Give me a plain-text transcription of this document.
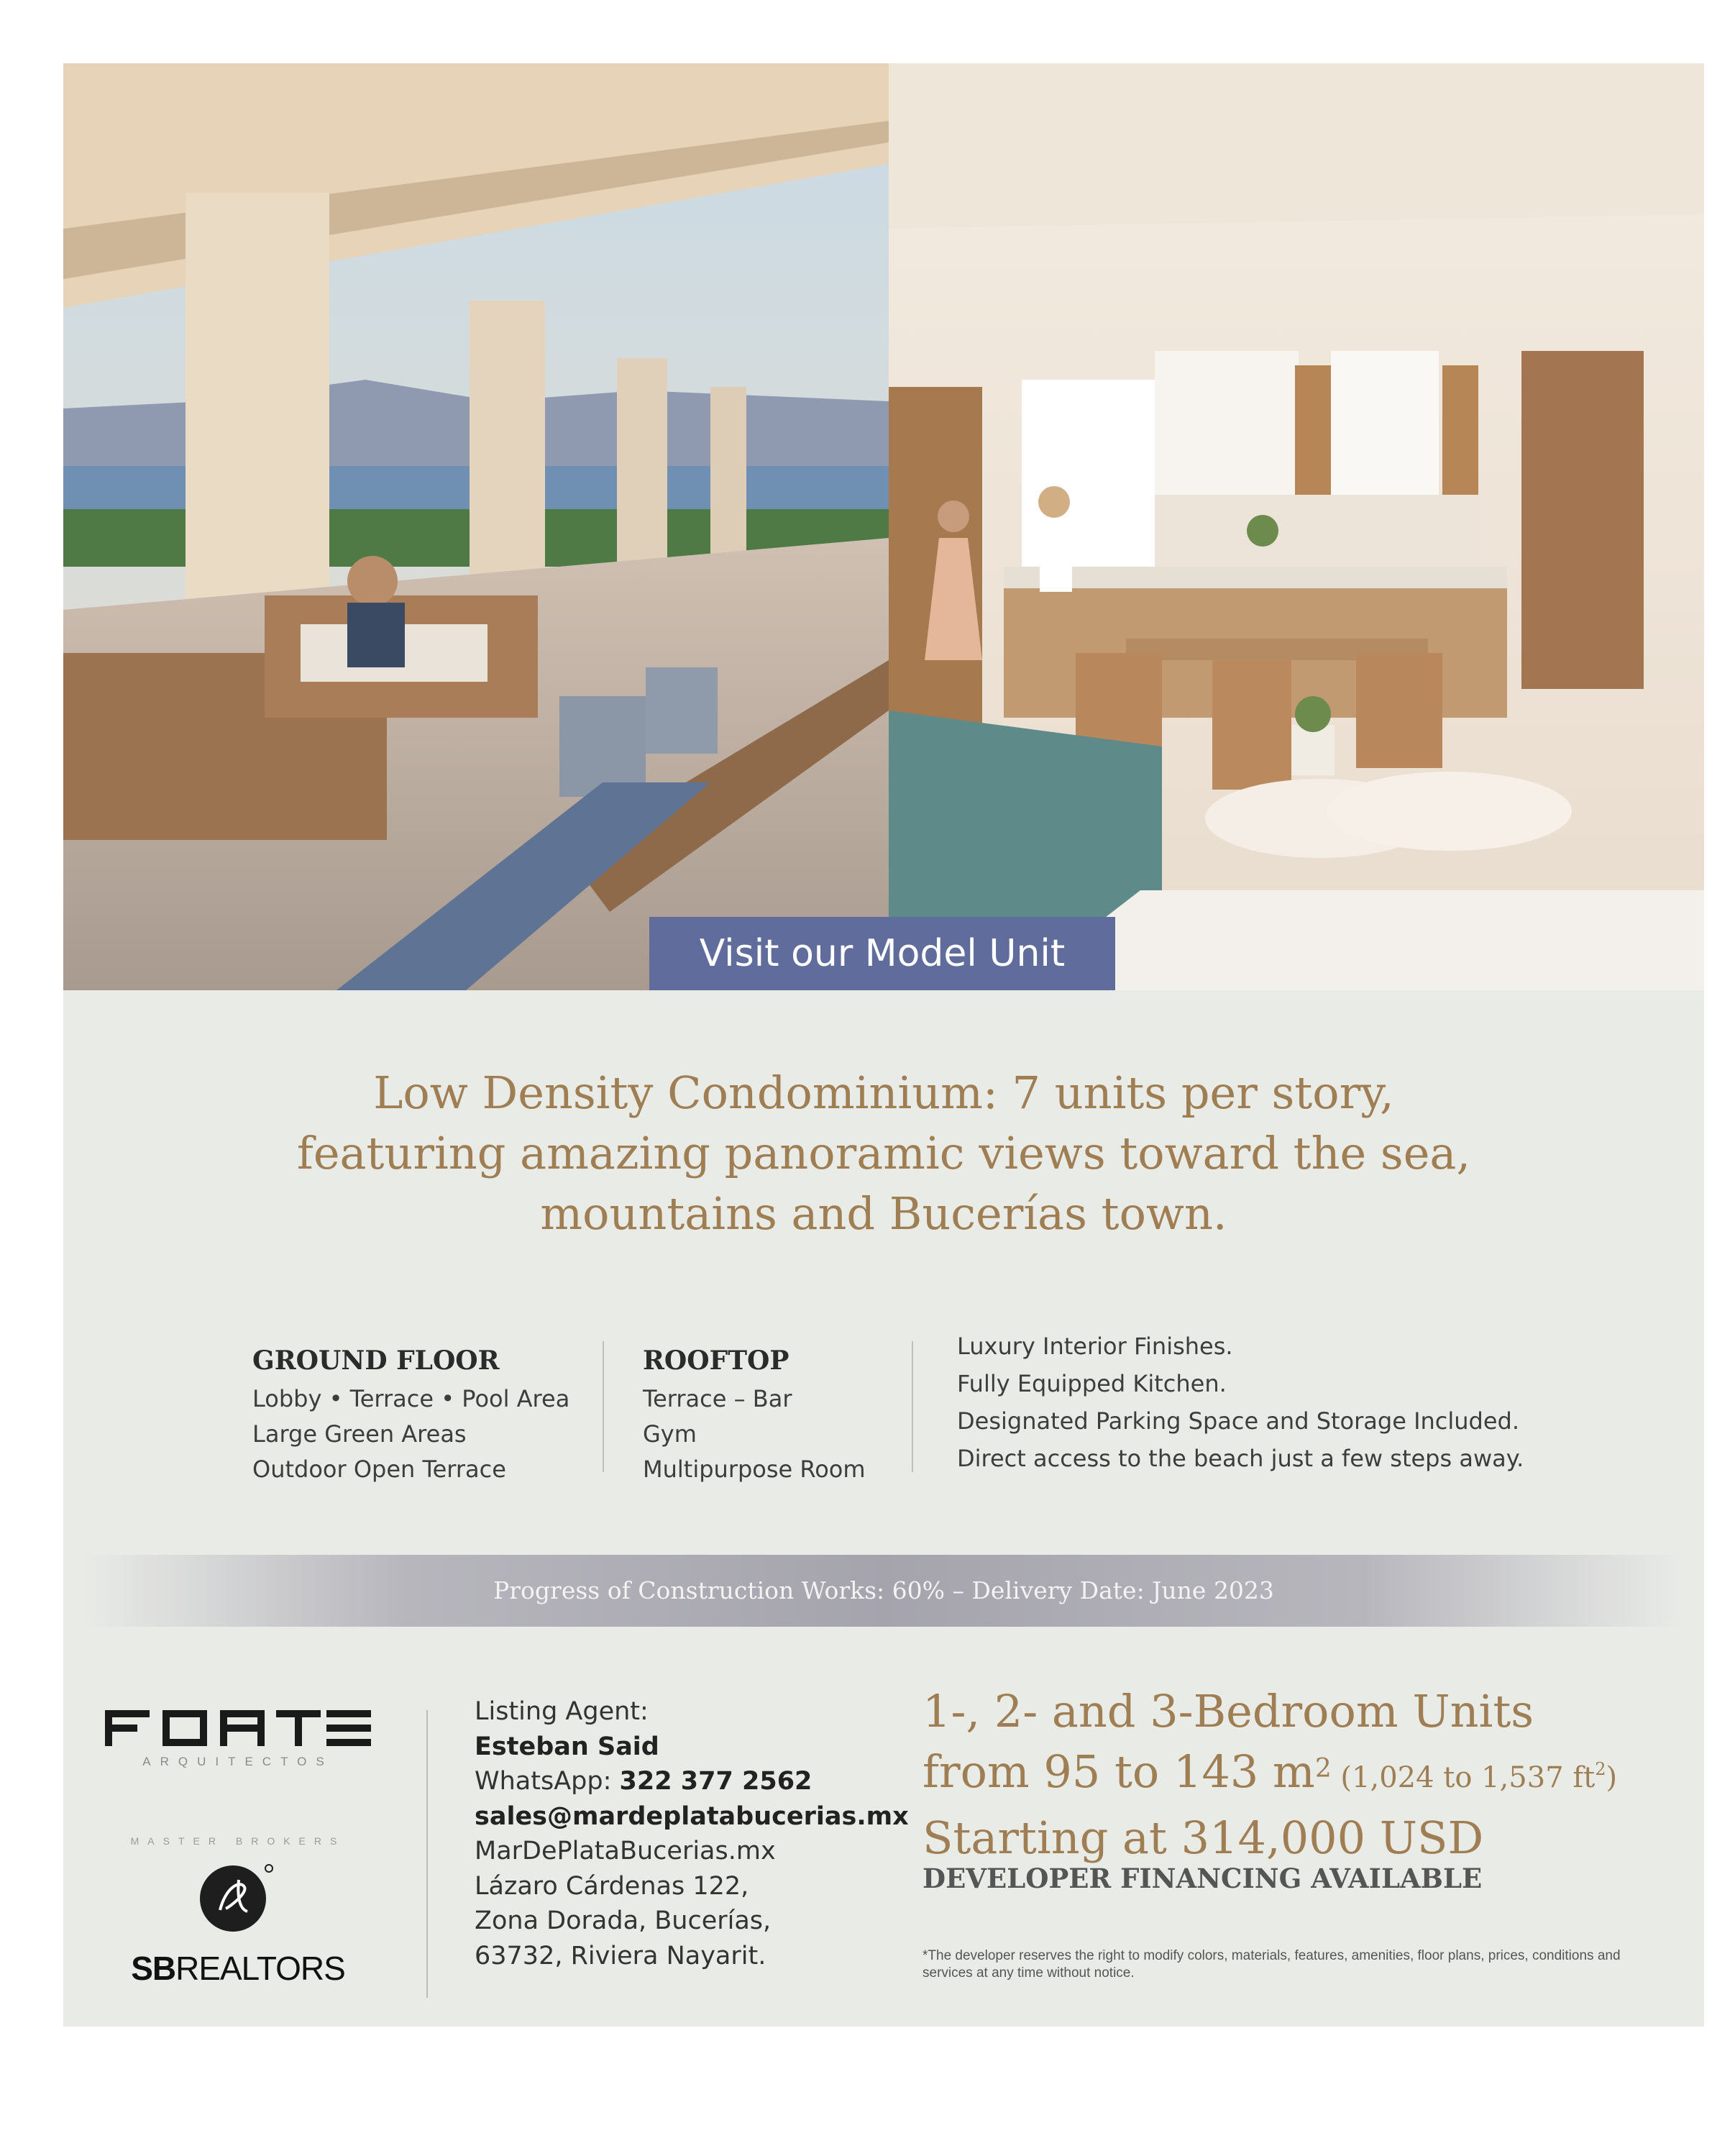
Visit our Model Unit
Low Density Condominium: 7 units per story,
featuring amazing panoramic views toward the sea,
mountains and Bucerías town.
GROUND FLOOR
Lobby • Terrace • Pool Area
Large Green Areas
Outdoor Open Terrace
ROOFTOP
Terrace – Bar
Gym
Multipurpose Room
Luxury Interior Finishes.
Fully Equipped Kitchen.
Designated Parking Space and Storage Included.
Direct access to the beach just a few steps away.
Progress of Construction Works: 60% – Delivery Date: June 2023
ARQUITECTOS
MASTER BROKERS
SBREALTORS
Listing Agent:
Esteban Said
WhatsApp: 322 377 2562
sales@mardeplatabucerias.mx
MarDePlataBucerias.mx
Lázaro Cárdenas 122,
Zona Dorada, Bucerías,
63732, Riviera Nayarit.
1-, 2- and 3-Bedroom Units
from 95 to 143 $m^2$ (1,024 to 1,537 $ft^2$)
Starting at 314,000 USD
DEVELOPER FINANCING AVAILABLE
*The developer reserves the right to modify colors, materials, features, amenities, floor plans, prices, conditions and services at any time without notice.
